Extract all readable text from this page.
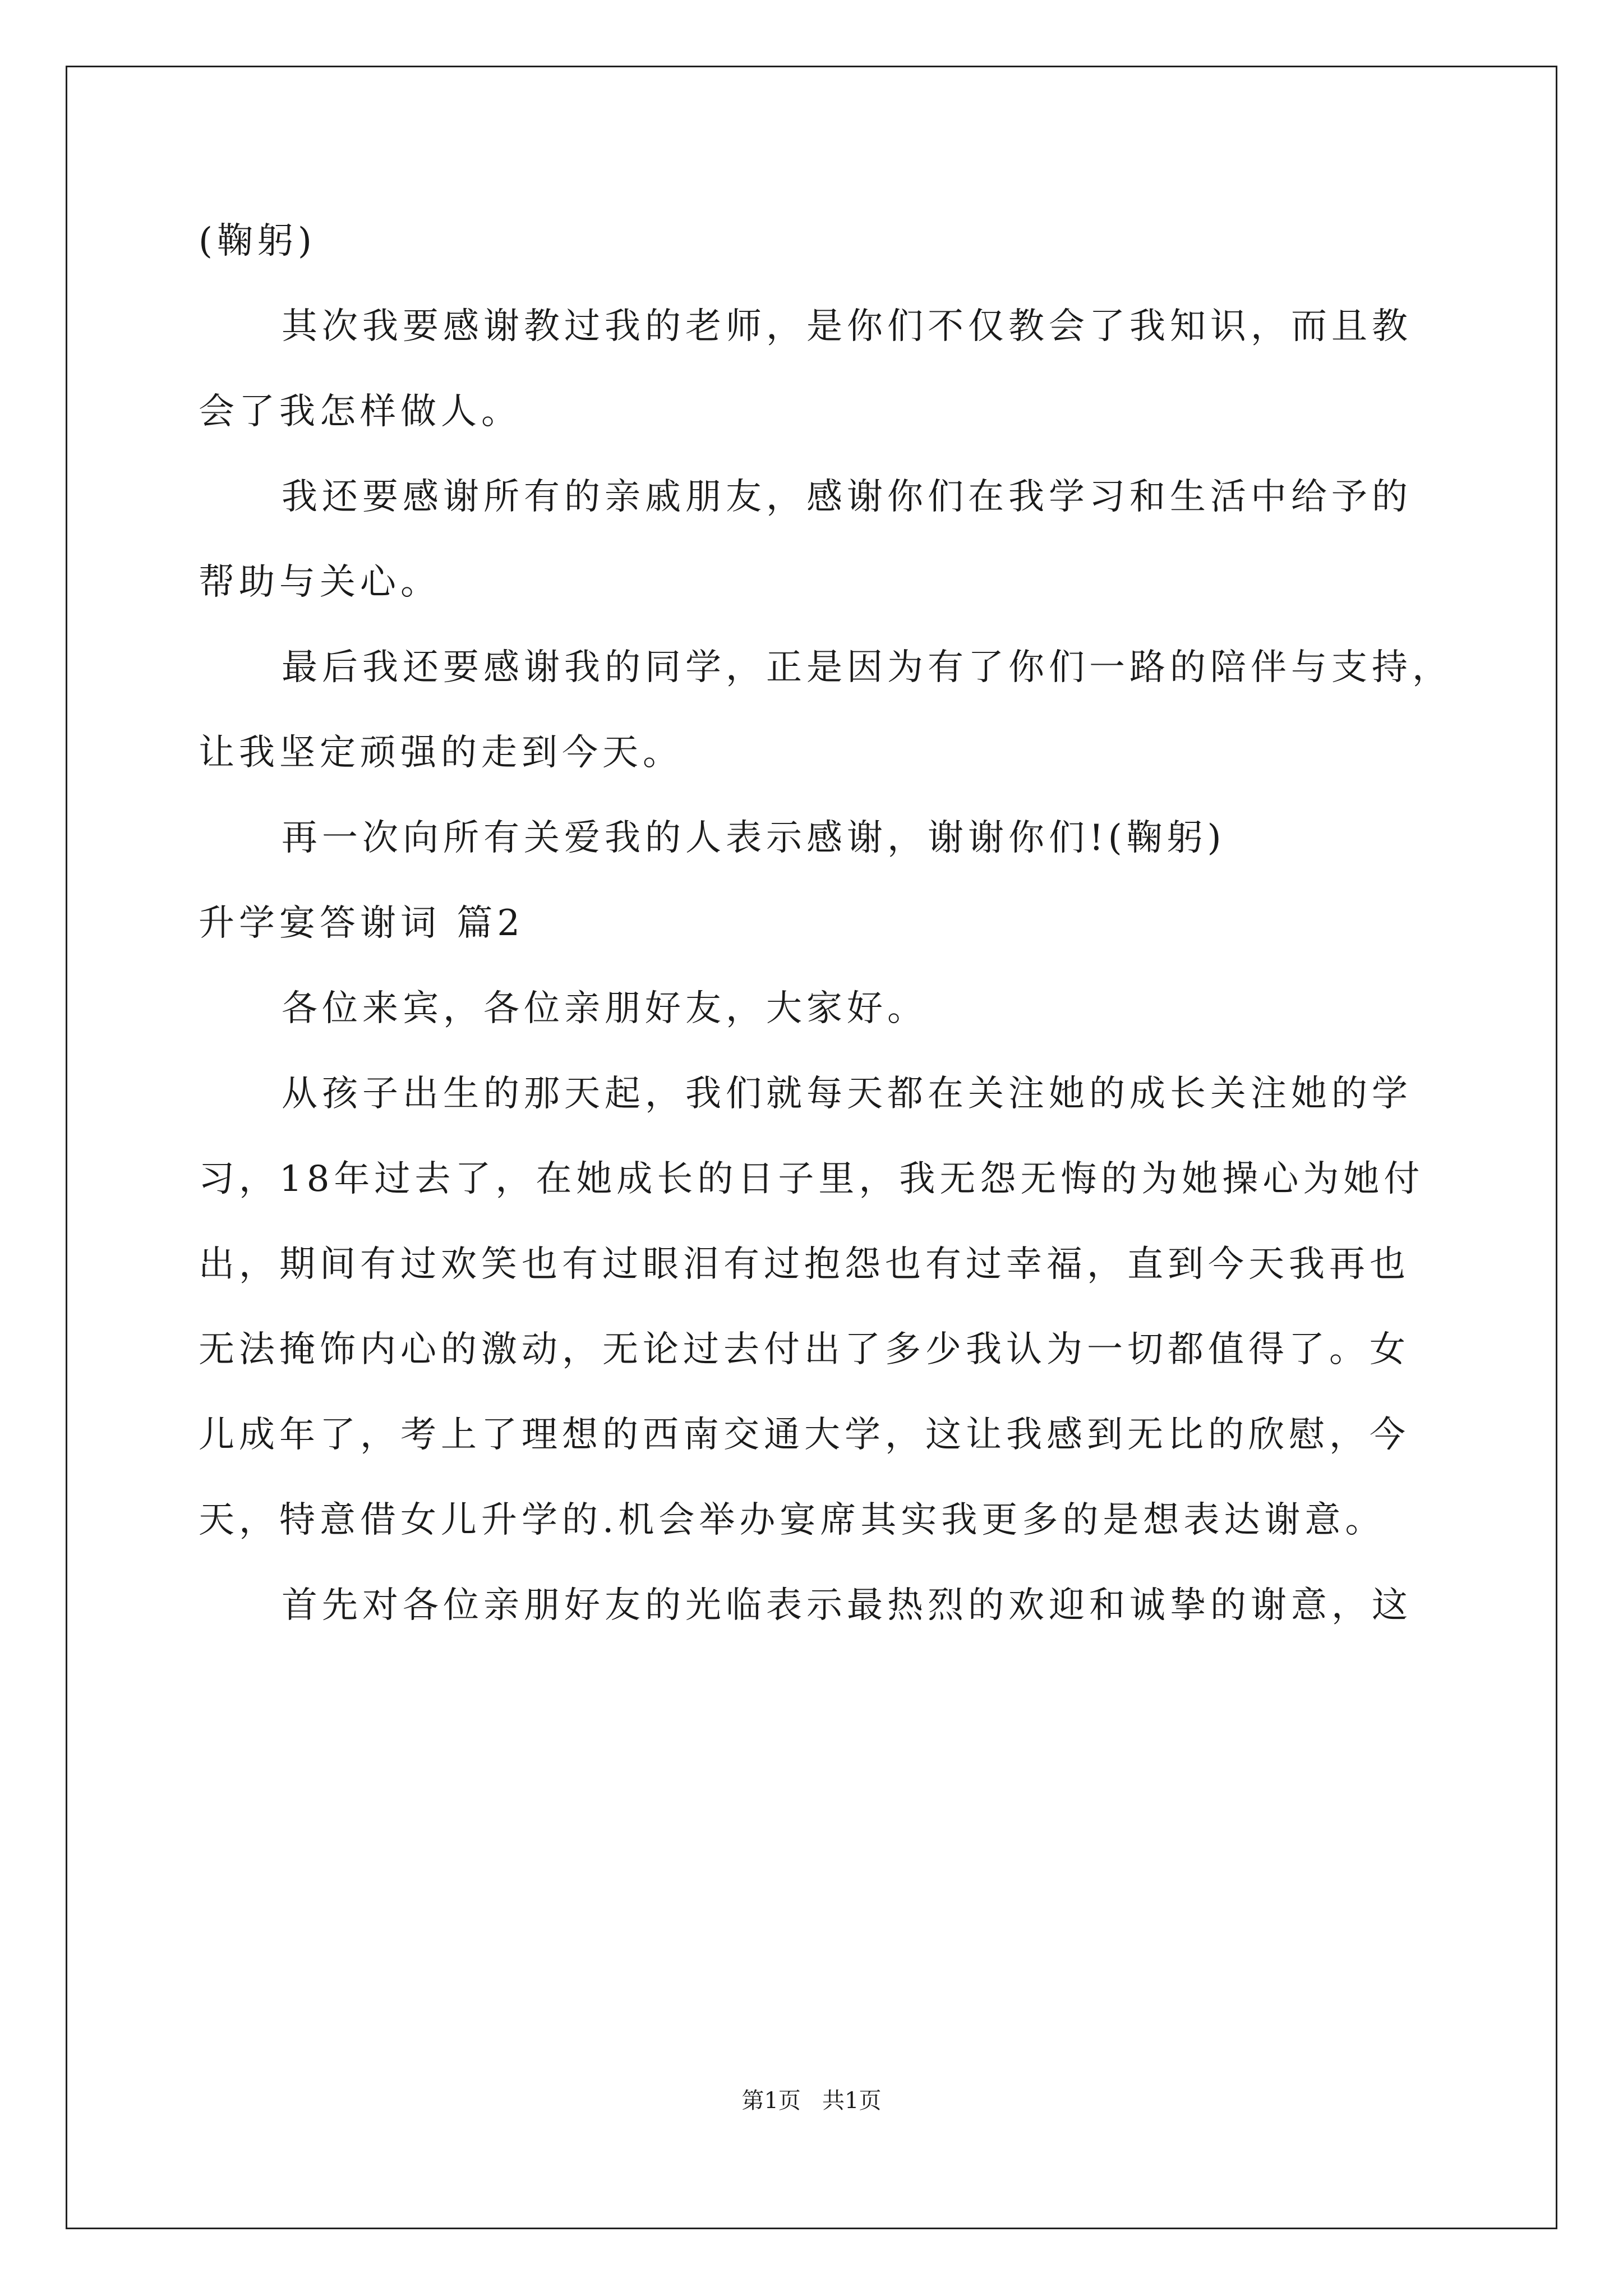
(鞠躬)
其次我要感谢教过我的老师，是你们不仅教会了我知识，而且教
会了我怎样做人。
我还要感谢所有的亲戚朋友，感谢你们在我学习和生活中给予的
帮助与关心。
最后我还要感谢我的同学，正是因为有了你们一路的陪伴与支持，
让我坚定顽强的走到今天。
再一次向所有关爱我的人表示感谢，谢谢你们!(鞠躬)
升学宴答谢词 篇2
各位来宾，各位亲朋好友，大家好。
从孩子出生的那天起，我们就每天都在关注她的成长关注她的学
习，18年过去了，在她成长的日子里，我无怨无悔的为她操心为她付
出，期间有过欢笑也有过眼泪有过抱怨也有过幸福，直到今天我再也
无法掩饰内心的激动，无论过去付出了多少我认为一切都值得了。女
儿成年了，考上了理想的西南交通大学，这让我感到无比的欣慰，今
天，特意借女儿升学的.机会举办宴席其实我更多的是想表达谢意。
首先对各位亲朋好友的光临表示最热烈的欢迎和诚挚的谢意，这
第1页   共1页
